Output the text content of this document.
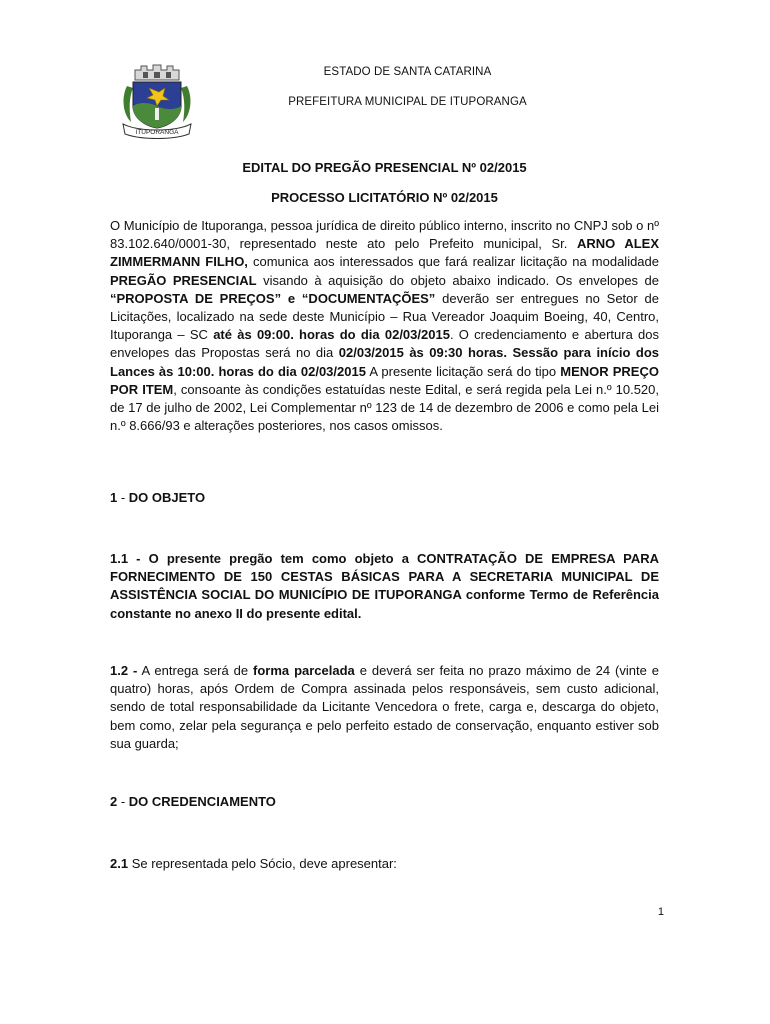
ITUPORANGA
ESTADO DE SANTA CATARINA
PREFEITURA MUNICIPAL DE ITUPORANGA
EDITAL DO PREGÃO PRESENCIAL Nº 02/2015
PROCESSO LICITATÓRIO Nº 02/2015

O Município de Ituporanga, pessoa jurídica de direito público interno, inscrito no CNPJ sob o nº 83.102.640/0001-30, representado neste ato pelo Prefeito municipal, Sr. ARNO ALEX ZIMMERMANN FILHO, comunica aos interessados que fará realizar licitação na modalidade PREGÃO PRESENCIAL visando à aquisição do objeto abaixo indicado. Os envelopes de “PROPOSTA DE PREÇOS” e “DOCUMENTAÇÕES” deverão ser entregues no Setor de Licitações, localizado na sede deste Município – Rua Vereador Joaquim Boeing, 40, Centro, Ituporanga – SC até às 09:00. horas do dia 02/03/2015. O credenciamento e abertura dos envelopes das Propostas será no dia 02/03/2015 às 09:30 horas. Sessão para início dos Lances às 10:00. horas do dia 02/03/2015 A presente licitação será do tipo MENOR PREÇO POR ITEM, consoante às condições estatuídas neste Edital, e será regida pela Lei n.º 10.520, de 17 de julho de 2002, Lei Complementar nº 123 de 14 de dezembro de 2006 e como pela Lei n.º 8.666/93 e alterações posteriores, nos casos omissos.

1 - DO OBJETO

1.1 - O presente pregão tem como objeto a CONTRATAÇÃO DE EMPRESA PARA FORNECIMENTO DE 150 CESTAS BÁSICAS PARA A SECRETARIA MUNICIPAL DE ASSISTÊNCIA SOCIAL DO MUNICÍPIO DE ITUPORANGA conforme Termo de Referência constante no anexo II do presente edital.

1.2 - A entrega será de forma parcelada e deverá ser feita no prazo máximo de 24 (vinte e quatro) horas, após Ordem de Compra assinada pelos responsáveis, sem custo adicional, sendo de total responsabilidade da Licitante Vencedora o frete, carga e, descarga do objeto, bem como, zelar pela segurança e pelo perfeito estado de conservação, enquanto estiver sob sua guarda;

2 - DO CREDENCIAMENTO

2.1 Se representada pelo Sócio, deve apresentar:

1
